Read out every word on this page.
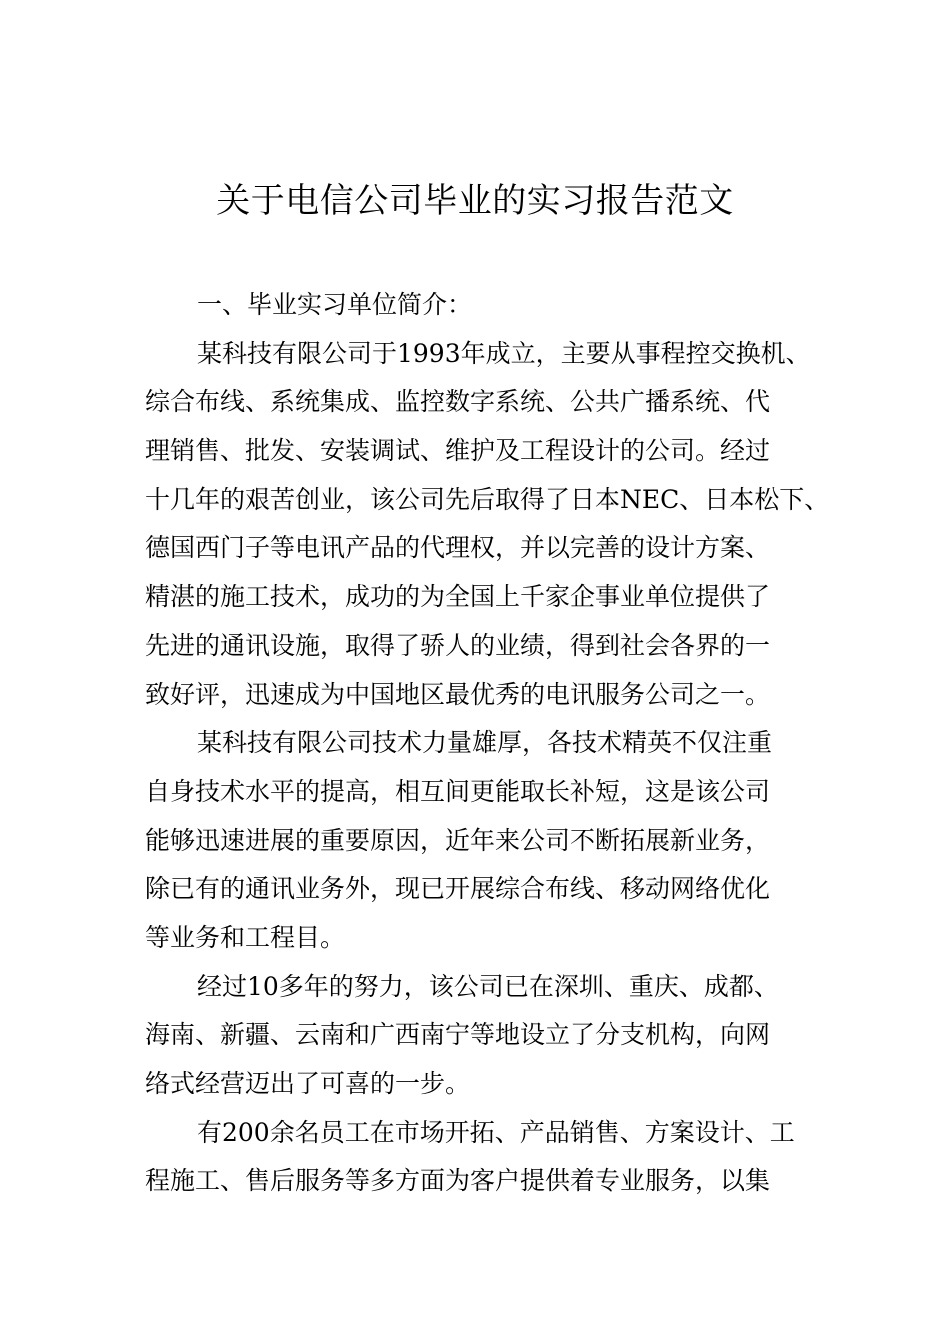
关于电信公司毕业的实习报告范文
一、毕业实习单位简介：
某科技有限公司于1993年成立，主要从事程控交换机、
综合布线、系统集成、监控数字系统、公共广播系统、代
理销售、批发、安装调试、维护及工程设计的公司。经过
十几年的艰苦创业，该公司先后取得了日本NEC、日本松下、
德国西门子等电讯产品的代理权，并以完善的设计方案、
精湛的施工技术，成功的为全国上千家企事业单位提供了
先进的通讯设施，取得了骄人的业绩，得到社会各界的一
致好评，迅速成为中国地区最优秀的电讯服务公司之一。
某科技有限公司技术力量雄厚，各技术精英不仅注重
自身技术水平的提高，相互间更能取长补短，这是该公司
能够迅速进展的重要原因，近年来公司不断拓展新业务，
除已有的通讯业务外，现已开展综合布线、移动网络优化
等业务和工程目。
经过10多年的努力，该公司已在深圳、重庆、成都、
海南、新疆、云南和广西南宁等地设立了分支机构，向网
络式经营迈出了可喜的一步。
有200余名员工在市场开拓、产品销售、方案设计、工
程施工、售后服务等多方面为客户提供着专业服务，以集
